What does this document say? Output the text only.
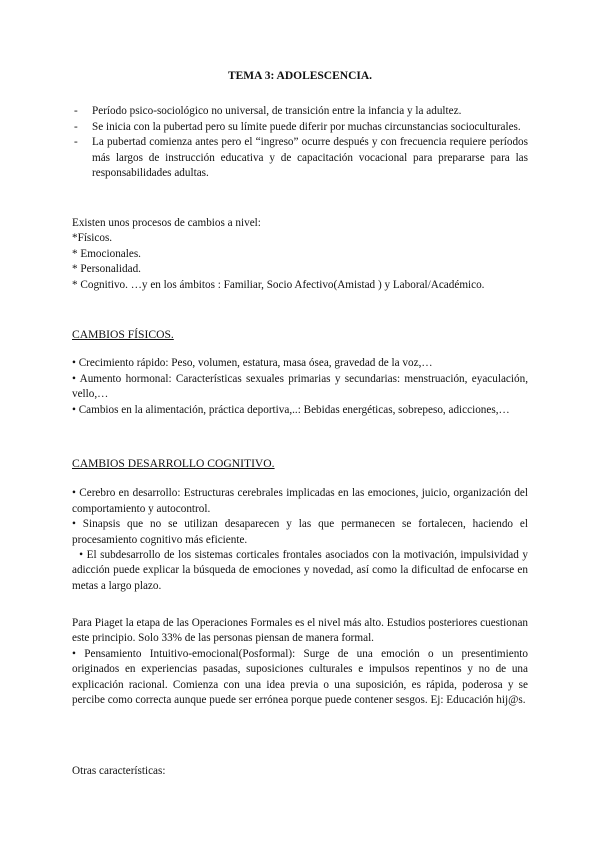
TEMA 3: ADOLESCENCIA.
- Período psico-sociológico no universal, de transición entre la infancia y la adultez.
- Se inicia con la pubertad pero su límite puede diferir por muchas circunstancias socioculturales.
- La pubertad comienza antes pero el “ingreso” ocurre después y con frecuencia requiere períodos más largos de instrucción educativa y de capacitación vocacional para prepararse para las responsabilidades adultas.
Existen unos procesos de cambios a nivel:
*Físicos.
* Emocionales.
* Personalidad.
* Cognitivo. …y en los ámbitos : Familiar, Socio Afectivo(Amistad ) y Laboral/Académico.
CAMBIOS FÍSICOS.
• Crecimiento rápido: Peso, volumen, estatura, masa ósea, gravedad de la voz,…
• Aumento hormonal: Características sexuales primarias y secundarias: menstruación, eyaculación, vello,…
• Cambios en la alimentación, práctica deportiva,..: Bebidas energéticas, sobrepeso, adicciones,…
CAMBIOS DESARROLLO COGNITIVO.
• Cerebro en desarrollo: Estructuras cerebrales implicadas en las emociones, juicio, organización del comportamiento y autocontrol.
• Sinapsis que no se utilizan desaparecen y las que permanecen se fortalecen, haciendo el procesamiento cognitivo más eficiente.
• El subdesarrollo de los sistemas corticales frontales asociados con la motivación, impulsividad y adicción puede explicar la búsqueda de emociones y novedad, así como la dificultad de enfocarse en metas a largo plazo.
Para Piaget la etapa de las Operaciones Formales es el nivel más alto. Estudios posteriores cuestionan este principio. Solo 33% de las personas piensan de manera formal.
• Pensamiento Intuitivo-emocional(Posformal): Surge de una emoción o un presentimiento originados en experiencias pasadas, suposiciones culturales e impulsos repentinos y no de una explicación racional. Comienza con una idea previa o una suposición, es rápida, poderosa y se percibe como correcta aunque puede ser errónea porque puede contener sesgos. Ej: Educación hij@s.
Otras características:
